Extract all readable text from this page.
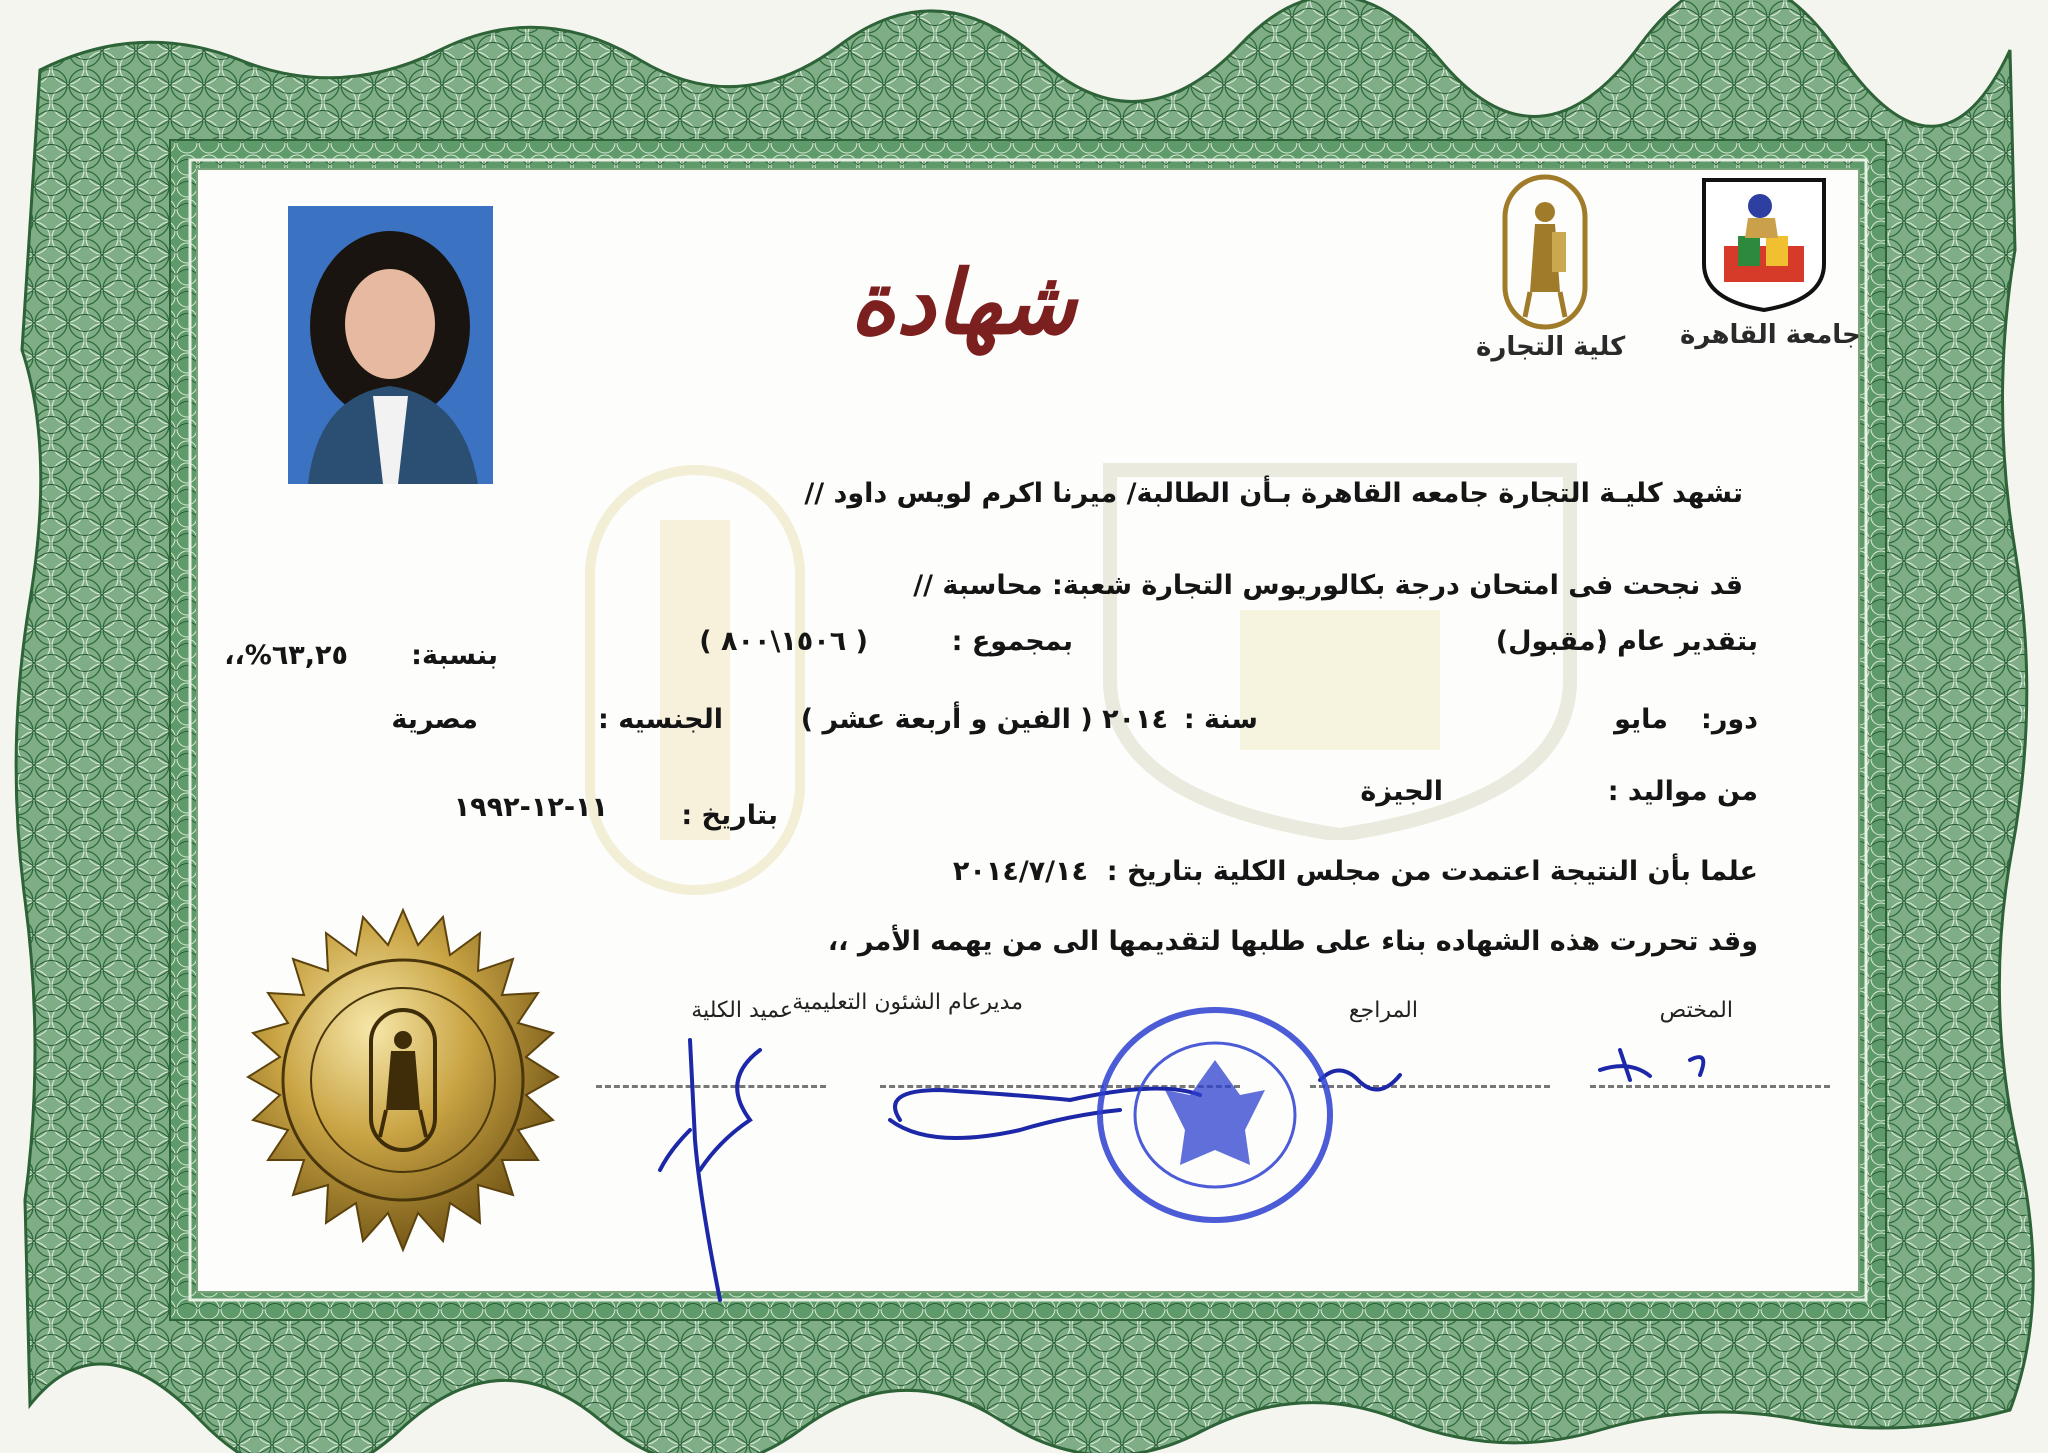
شهادة	كلية التجارة جامعة القاهرة
تشهد كليـة التجارة جامعه القاهرة بـأن الطالبة/ ميرنا اكرم لويس داود //
قد نجحت فى امتحان درجة بكالوريوس التجارة شعبة: محاسبة //
بتقدير عام :
(مقبول)
بمجموع :
( ١٥٠٦\٨٠٠ )
بنسبة:
٦٣,٢٥%،،
دور:
مايو
سنة :
٢٠١٤ ( الفين و أربعة عشر )
الجنسيه :
مصرية
من مواليد :
الجيزة
بتاريخ :
١١-١٢-١٩٩٢
علما بأن النتيجة اعتمدت من مجلس الكلية بتاريخ :
٢٠١٤/٧/١٤
وقد تحررت هذه الشهاده بناء على طلبها لتقديمها الى من يهمه الأمر ،،
عميد الكلية مديرعام الشئون التعليمية	المراجع	المختص
